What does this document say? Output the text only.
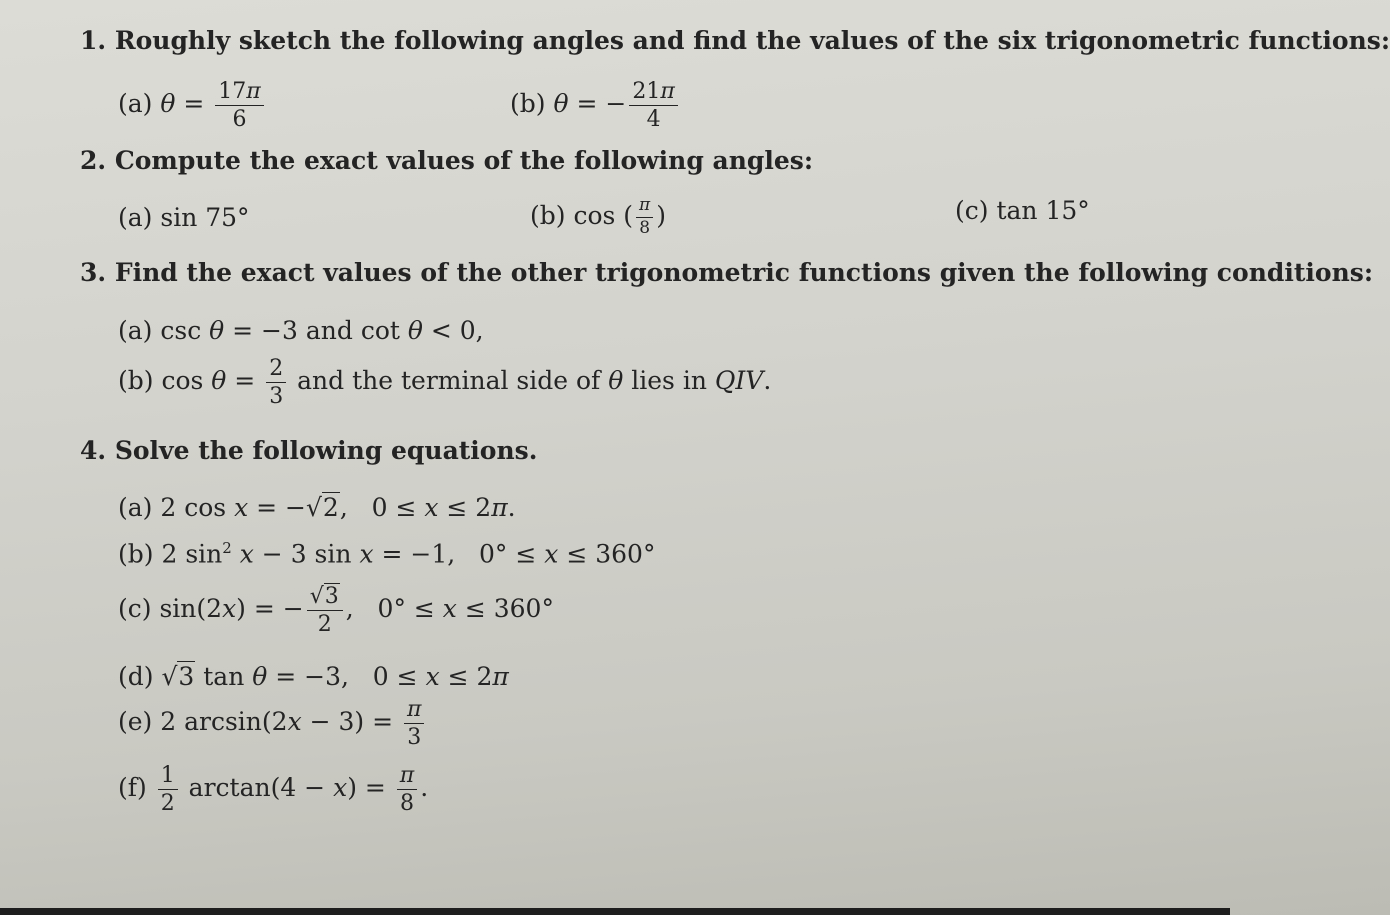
1. Roughly sketch the following angles and find the values of the six trigonometric functions:
(a) $\theta = \frac{17\pi}{6}$	(b) θ = − $\frac{21\pi}{4}$
2. Compute the exact values of the following angles:
(a) sin 75°	(b) cos ( $\frac{\pi}{8}$ )	(c) tan 15°
3. Find the exact values of the other trigonometric functions given the following conditions:
(a) csc θ = −3 and cot θ < 0,
(b) $\cos \theta = \frac{2}{3}$ and the terminal side of θ lies in QIV.
4. Solve the following equations.
(a) 2 cos x = −√2,   0 ≤ x ≤ 2π.
(b) 2 $\sin^2 x - 3$ sin x = −1,   0° ≤ x ≤ 360°
(c) sin(2x) = − $\frac{√3}{2}$ ,   0° ≤ x ≤ 360°
(d) √3 tan θ = −3,   0 ≤ x ≤ 2π
(e) 2 $\arcsin(2x - 3) = \frac{\pi}{3}$
$(f) \frac{1}{2} \arctan(4 - x) = \frac{\pi}{8}$ .
